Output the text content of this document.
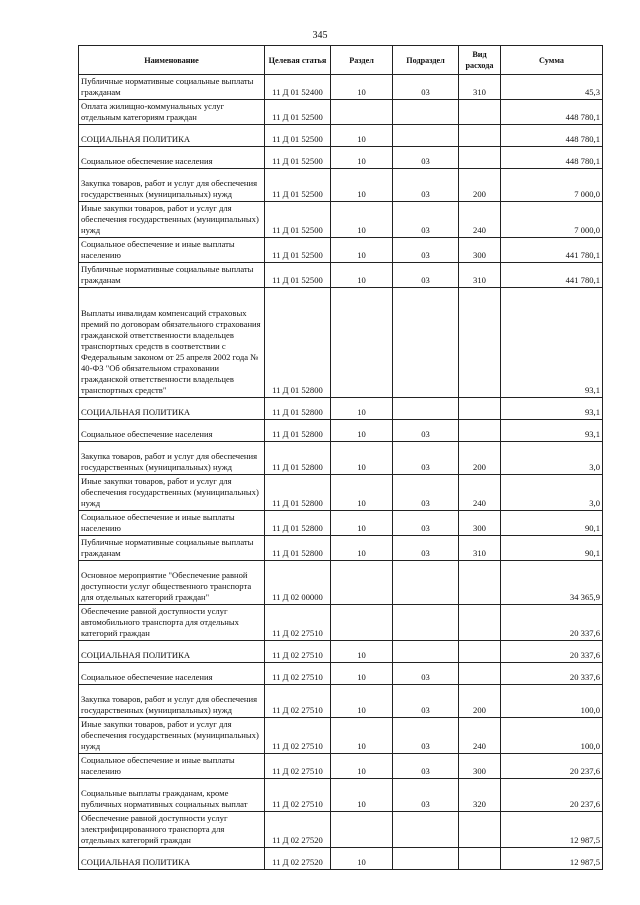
345
Наименование	Целевая статья	Раздел	Подраздел	Вид расхода	Сумма
Публичные нормативные социальные выплаты гражданам	11 Д 01 52400	10	03	310	45,3
Оплата жилищно-коммунальных услуг отдельным категориям граждан	11 Д 01 52500				448 780,1
СОЦИАЛЬНАЯ ПОЛИТИКА	11 Д 01 52500	10			448 780,1
Социальное обеспечение населения	11 Д 01 52500	10	03		448 780,1
Закупка товаров, работ и услуг для обеспечения государственных (муниципальных) нужд	11 Д 01 52500	10	03	200	7 000,0
Иные закупки товаров, работ и услуг для обеспечения государственных (муниципальных) нужд	11 Д 01 52500	10	03	240	7 000,0
Социальное обеспечение и иные выплаты населению	11 Д 01 52500	10	03	300	441 780,1
Публичные нормативные социальные выплаты гражданам	11 Д 01 52500	10	03	310	441 780,1
Выплаты инвалидам компенсаций страховых премий по договорам обязательного страхования гражданской ответственности владельцев транспортных средств в соответствии с Федеральным законом от 25 апреля 2002 года № 40-ФЗ "Об обязательном страховании гражданской ответственности владельцев транспортных средств"	11 Д 01 52800				93,1
СОЦИАЛЬНАЯ ПОЛИТИКА	11 Д 01 52800	10			93,1
Социальное обеспечение населения	11 Д 01 52800	10	03		93,1
Закупка товаров, работ и услуг для обеспечения государственных (муниципальных) нужд	11 Д 01 52800	10	03	200	3,0
Иные закупки товаров, работ и услуг для обеспечения государственных (муниципальных) нужд	11 Д 01 52800	10	03	240	3,0
Социальное обеспечение и иные выплаты населению	11 Д 01 52800	10	03	300	90,1
Публичные нормативные социальные выплаты гражданам	11 Д 01 52800	10	03	310	90,1
Основное мероприятие "Обеспечение равной доступности услуг общественного транспорта для отдельных категорий граждан"	11 Д 02 00000				34 365,9
Обеспечение равной доступности услуг автомобильного транспорта для отдельных категорий граждан	11 Д 02 27510				20 337,6
СОЦИАЛЬНАЯ ПОЛИТИКА	11 Д 02 27510	10			20 337,6
Социальное обеспечение населения	11 Д 02 27510	10	03		20 337,6
Закупка товаров, работ и услуг для обеспечения государственных (муниципальных) нужд	11 Д 02 27510	10	03	200	100,0
Иные закупки товаров, работ и услуг для обеспечения государственных (муниципальных) нужд	11 Д 02 27510	10	03	240	100,0
Социальное обеспечение и иные выплаты населению	11 Д 02 27510	10	03	300	20 237,6
Социальные выплаты гражданам, кроме публичных нормативных социальных выплат	11 Д 02 27510	10	03	320	20 237,6
Обеспечение равной доступности услуг электрифицированного транспорта для отдельных категорий граждан	11 Д 02 27520				12 987,5
СОЦИАЛЬНАЯ ПОЛИТИКА	11 Д 02 27520	10			12 987,5
